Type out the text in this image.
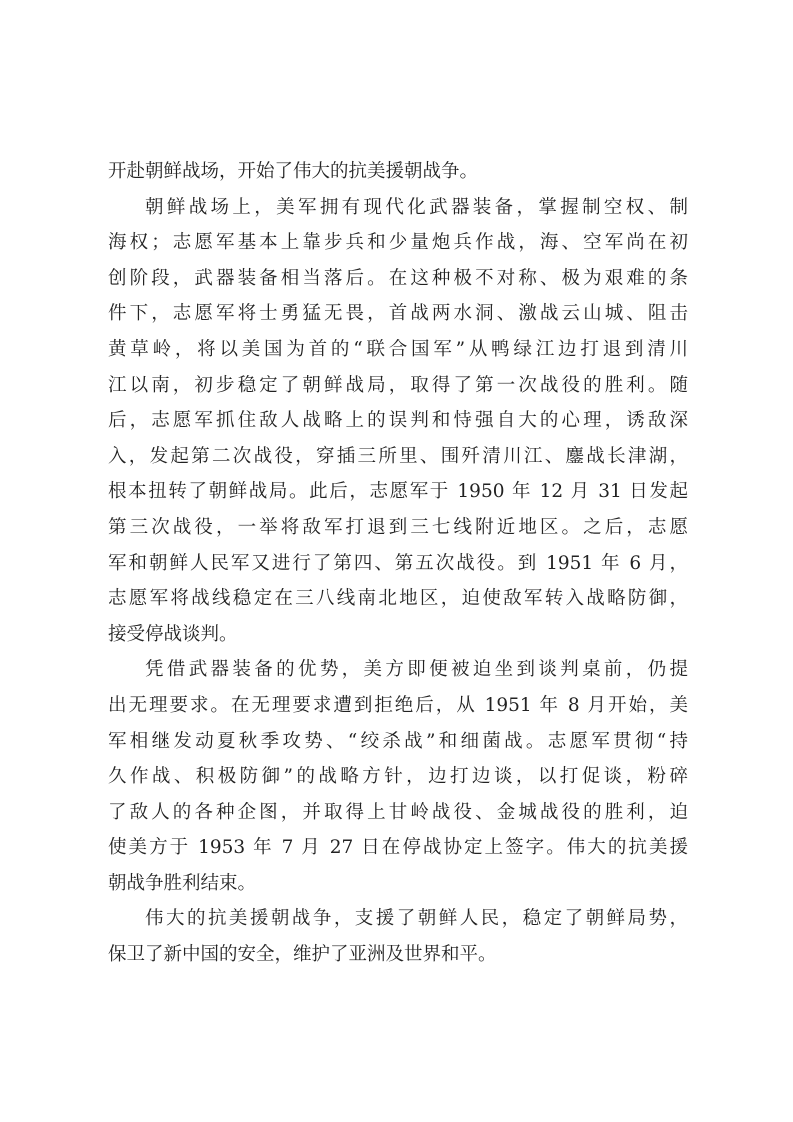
开赴朝鲜战场，开始了伟大的抗美援朝战争。
朝鲜战场上，美军拥有现代化武器装备，掌握制空权、制
海权；志愿军基本上靠步兵和少量炮兵作战，海、空军尚在初
创阶段，武器装备相当落后。在这种极不对称、极为艰难的条
件下，志愿军将士勇猛无畏，首战两水洞、激战云山城、阻击
黄草岭，将以美国为首的“联合国军”从鸭绿江边打退到清川
江以南，初步稳定了朝鲜战局，取得了第一次战役的胜利。随
后，志愿军抓住敌人战略上的误判和恃强自大的心理，诱敌深
入，发起第二次战役，穿插三所里、围歼清川江、鏖战长津湖，
根本扭转了朝鲜战局。此后，志愿军于 1950 年 12 月 31 日发起
第三次战役，一举将敌军打退到三七线附近地区。之后，志愿
军和朝鲜人民军又进行了第四、第五次战役。到 1951 年 6 月，
志愿军将战线稳定在三八线南北地区，迫使敌军转入战略防御，
接受停战谈判。
凭借武器装备的优势，美方即便被迫坐到谈判桌前，仍提
出无理要求。在无理要求遭到拒绝后，从 1951 年 8 月开始，美
军相继发动夏秋季攻势、“绞杀战”和细菌战。志愿军贯彻“持
久作战、积极防御”的战略方针，边打边谈，以打促谈，粉碎
了敌人的各种企图，并取得上甘岭战役、金城战役的胜利，迫
使美方于 1953 年 7 月 27 日在停战协定上签字。伟大的抗美援
朝战争胜利结束。
伟大的抗美援朝战争，支援了朝鲜人民，稳定了朝鲜局势，
保卫了新中国的安全，维护了亚洲及世界和平。
